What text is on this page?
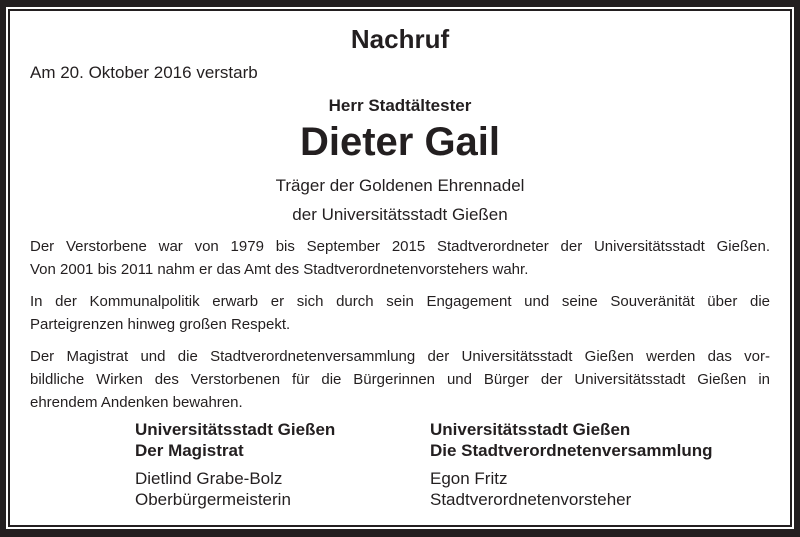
Nachruf
Am 20. Oktober 2016 verstarb
Herr Stadtältester
Dieter Gail
Träger der Goldenen Ehrennadel
der Universitätsstadt Gießen
Der Verstorbene war von 1979 bis September 2015 Stadtverordneter der Universitätsstadt Gießen.
Von 2001 bis 2011 nahm er das Amt des Stadtverordnetenvorstehers wahr.
In der Kommunalpolitik erwarb er sich durch sein Engagement und seine Souveränität über die
Parteigrenzen hinweg großen Respekt.
Der Magistrat und die Stadtverordnetenversammlung der Universitätsstadt Gießen werden das vor-
bildliche Wirken des Verstorbenen für die Bürgerinnen und Bürger der Universitätsstadt Gießen in
ehrendem Andenken bewahren.
Universitätsstadt Gießen
Der Magistrat
Dietlind Grabe-Bolz
Oberbürgermeisterin
Universitätsstadt Gießen
Die Stadtverordnetenversammlung
Egon Fritz
Stadtverordnetenvorsteher
